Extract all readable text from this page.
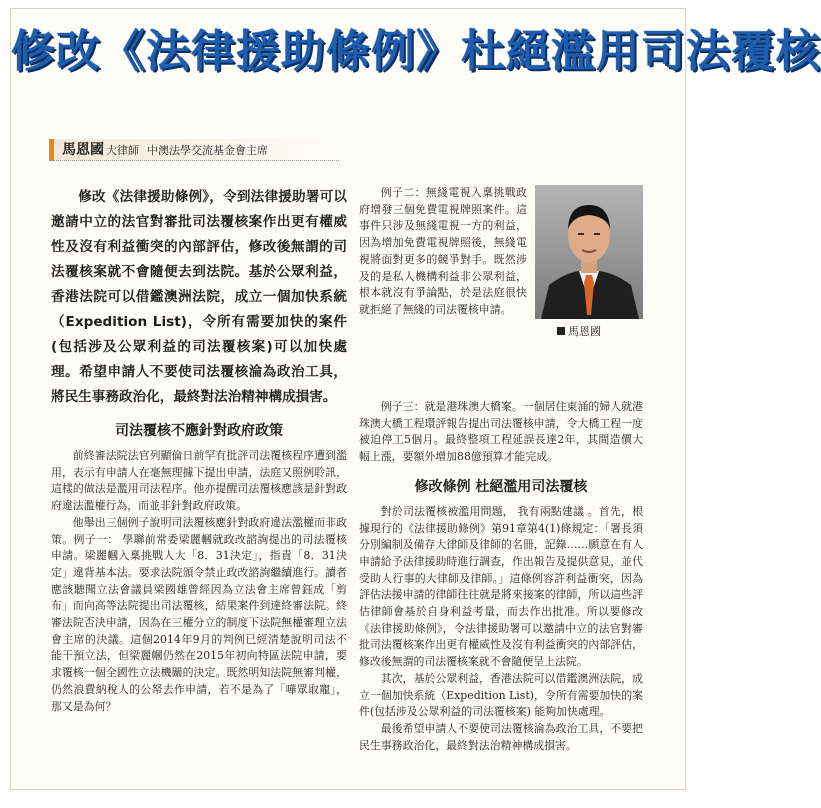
修改《法律援助條例》杜絕濫用司法覆核
馬恩國 大律師 中澳法學交流基金會主席

修改《法律援助條例》，令到法律援助署可以邀請中立的法官對審批司法覆核案作出更有權威性及沒有利益衝突的內部評估，修改後無謂的司法覆核案就不會隨便去到法院。基於公眾利益，香港法院可以借鑑澳洲法院，成立一個加快系統（Expedition List)，令所有需要加快的案件(包括涉及公眾利益的司法覆核案)可以加快處理。希望申請人不要使司法覆核淪為政治工具，將民生事務政治化，最終對法治精神構成損害。

司法覆核不應針對政府政策

前終審法院法官列顯倫日前罕有批評司法覆核程序遭到濫用，表示有申請人在毫無理據下提出申請，法庭又照例聆訊，這樣的做法是濫用司法程序。他亦提醒司法覆核應該是針對政府違法濫權行為，而並非針對政府政策。

他舉出三個例子說明司法覆核應針對政府違法濫權而非政策。例子一： 學聯前常委梁麗幗就政改諮詢提出的司法覆核申請。梁麗幗入稟挑戰人大「8．31決定」，指責「8．31決定」違背基本法。要求法院頒令禁止政改諮詢繼續進行。讀者應該聽聞立法會議員梁國雄曾經因為立法會主席曾鈺成「剪布」而向高等法院提出司法覆核，結果案件到達終審法院。終審法院否決申請，因為在三權分立的制度下法院無權審理立法會主席的決議。這個2014年9月的判例已經清楚說明司法不能干預立法，但梁麗幗仍然在2015年初向特區法院申請，要求覆核一個全國性立法機關的決定。既然明知法院無審判權，仍然浪費納稅人的公帑去作申請，若不是為了「嘩眾取寵」，那又是為何？

例子二：無綫電視入稟挑戰政府增發三個免費電視牌照案件。這事件只涉及無綫電視一方的利益，因為增加免費電視牌照後，無綫電視將面對更多的競爭對手。既然涉及的是私人機構利益非公眾利益，根本就沒有爭論點，於是法庭很快就拒絕了無綫的司法覆核申請。

馬恩國

例子三：就是港珠澳大橋案。一個居住東涌的婦人就港珠澳大橋工程環評報告提出司法覆核申請，令大橋工程一度被迫停工5個月。最終整項工程延誤長達2年，其間造價大幅上漲，要額外增加88億預算才能完成。

修改條例 杜絕濫用司法覆核

對於司法覆核被濫用問題， 我有兩點建議 。首先，根據現行的《法律援助條例》第91章第4(1)條規定：「署長須分別編制及備存大律師及律師的名冊，記錄……願意在有人申請給予法律援助時進行調查，作出報告及提供意見，並代受助人行事的大律師及律師。」這條例容許利益衝突，因為評估法援申請的律師往往就是將來接案的律師，所以這些評估律師會基於自身利益考量，而去作出批准。所以要修改《法律援助條例》，令法律援助署可以邀請中立的法官對審批司法覆核案作出更有權威性及沒有利益衝突的內部評估，修改後無謂的司法覆核案就不會隨便呈上法院。

其次，基於公眾利益，香港法院可以借鑑澳洲法院，成立一個加快系統（Expedition List)，令所有需要加快的案件(包括涉及公眾利益的司法覆核案) 能夠加快處理。

最後希望申請人不要使司法覆核淪為政治工具，不要把民生事務政治化，最終對法治精神構成損害。
